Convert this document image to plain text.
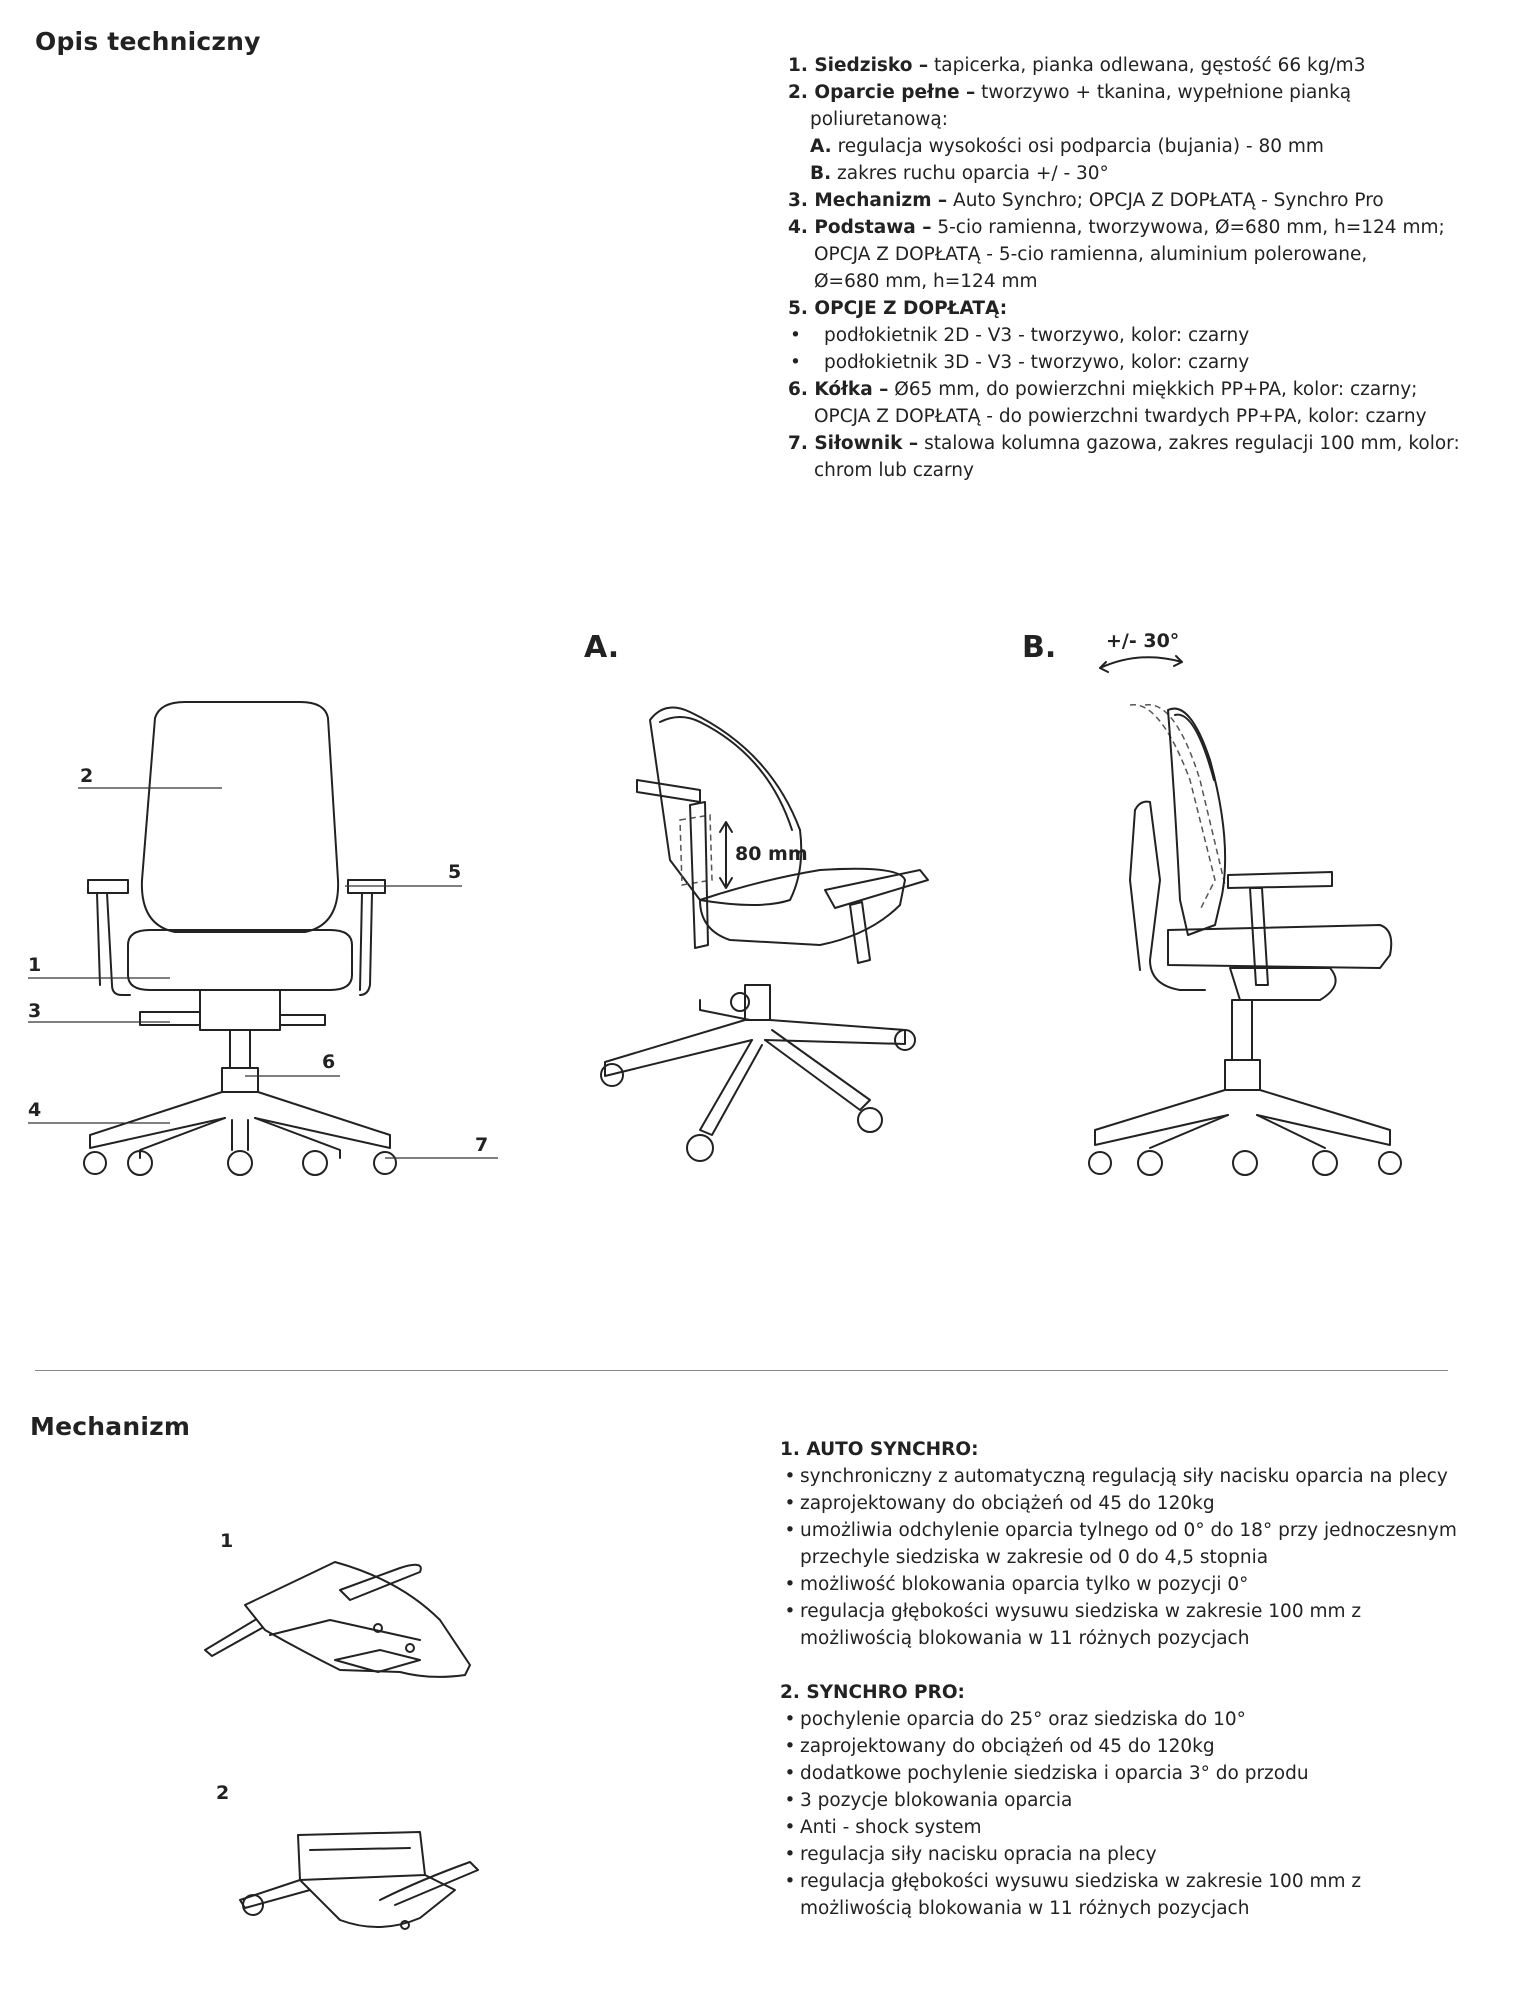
Opis techniczny
1. Siedzisko – tapicerka, pianka odlewana, gęstość 66 kg/m3
2. Oparcie pełne – tworzywo + tkanina, wypełnione pianką
poliuretanową:
A. regulacja wysokości osi podparcia (bujania) - 80 mm
B. zakres ruchu oparcia +/ - 30°
3. Mechanizm – Auto Synchro; OPCJA Z DOPŁATĄ - Synchro Pro
4. Podstawa – 5-cio ramienna, tworzywowa, Ø=680 mm, h=124 mm;
OPCJA Z DOPŁATĄ - 5-cio ramienna, aluminium polerowane,
Ø=680 mm, h=124 mm
5. OPCJE Z DOPŁATĄ:
•	podłokietnik 2D - V3 - tworzywo, kolor: czarny
•	podłokietnik 3D - V3 - tworzywo, kolor: czarny
6. Kółka – Ø65 mm, do powierzchni miękkich PP+PA, kolor: czarny;
OPCJA Z DOPŁATĄ - do powierzchni twardych PP+PA, kolor: czarny
7. Siłownik – stalowa kolumna gazowa, zakres regulacji 100 mm, kolor:
chrom lub czarny
2
5
1
3
6
4
7
A.
80 mm
B.	+/- 30°
Mechanizm
1
2
1. AUTO SYNCHRO:
• synchroniczny z automatyczną regulacją siły nacisku oparcia na plecy
• zaprojektowany do obciążeń od 45 do 120kg
• umożliwia odchylenie oparcia tylnego od 0° do 18° przy jednoczesnym
przechyle siedziska w zakresie od 0 do 4,5 stopnia
• możliwość blokowania oparcia tylko w pozycji 0°
• regulacja głębokości wysuwu siedziska w zakresie 100 mm z
możliwością blokowania w 11 różnych pozycjach
2. SYNCHRO PRO:
• pochylenie oparcia do 25° oraz siedziska do 10°
• zaprojektowany do obciążeń od 45 do 120kg
• dodatkowe pochylenie siedziska i oparcia 3° do przodu
• 3 pozycje blokowania oparcia
• Anti - shock system
• regulacja siły nacisku opracia na plecy
• regulacja głębokości wysuwu siedziska w zakresie 100 mm z
możliwością blokowania w 11 różnych pozycjach
